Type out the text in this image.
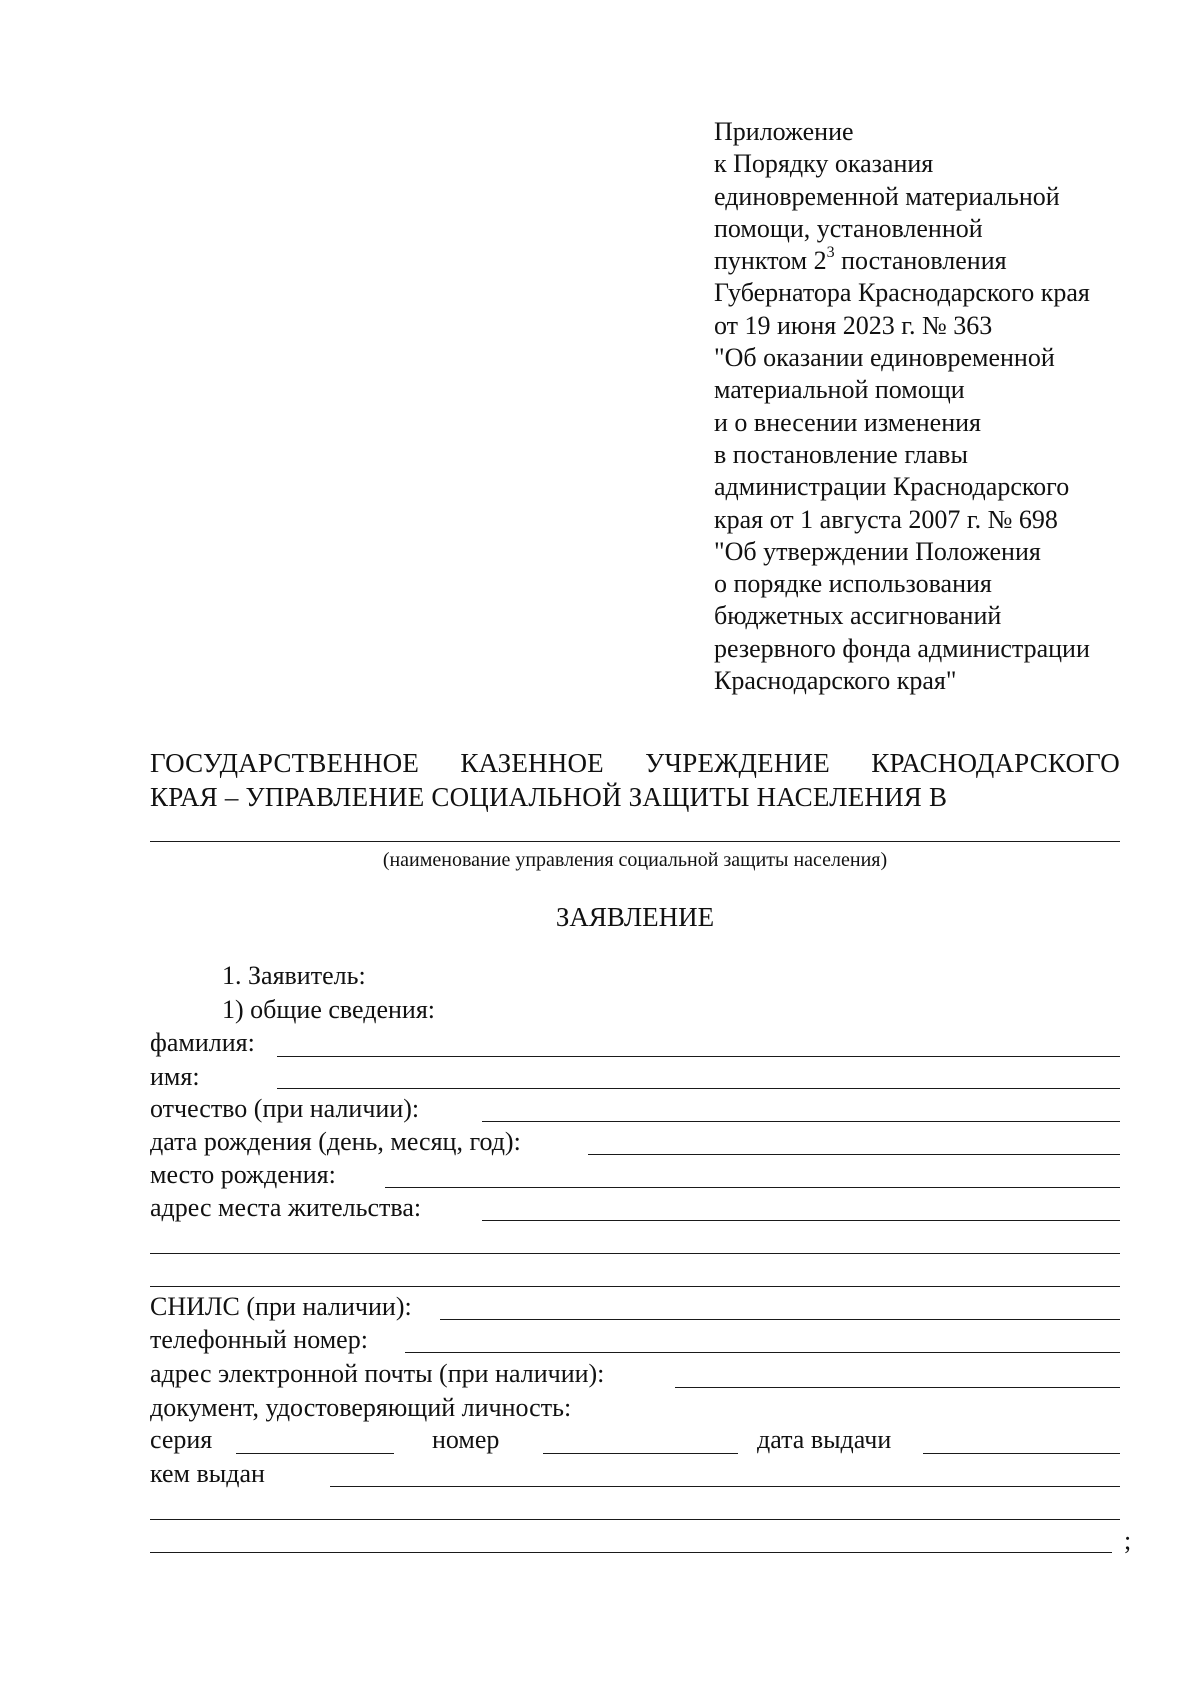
Приложение
к Порядку оказания
единовременной материальной
помощи, установленной
пунктом $2^3$ постановления
Губернатора Краснодарского края
от 19 июня 2023 г. № 363
"Об оказании единовременной
материальной помощи
и о внесении изменения
в постановление главы
администрации Краснодарского
края от 1 августа 2007 г. № 698
"Об утверждении Положения
о порядке использования
бюджетных ассигнований
резервного фонда администрации
Краснодарского края"
ГОСУДАРСТВЕННОЕ КАЗЕННОЕ УЧРЕЖДЕНИЕ КРАСНОДАРСКОГО
КРАЯ – УПРАВЛЕНИЕ СОЦИАЛЬНОЙ ЗАЩИТЫ НАСЕЛЕНИЯ В
(наименование управления социальной защиты населения)
ЗАЯВЛЕНИЕ
1. Заявитель:
1) общие сведения:
фамилия:
имя:
отчество (при наличии):
дата рождения (день, месяц, год):
место рождения:
адрес места жительства:
СНИЛС (при наличии):
телефонный номер:
адрес электронной почты (при наличии):
документ, удостоверяющий личность:
серия	номер	дата выдачи
кем выдан
;
